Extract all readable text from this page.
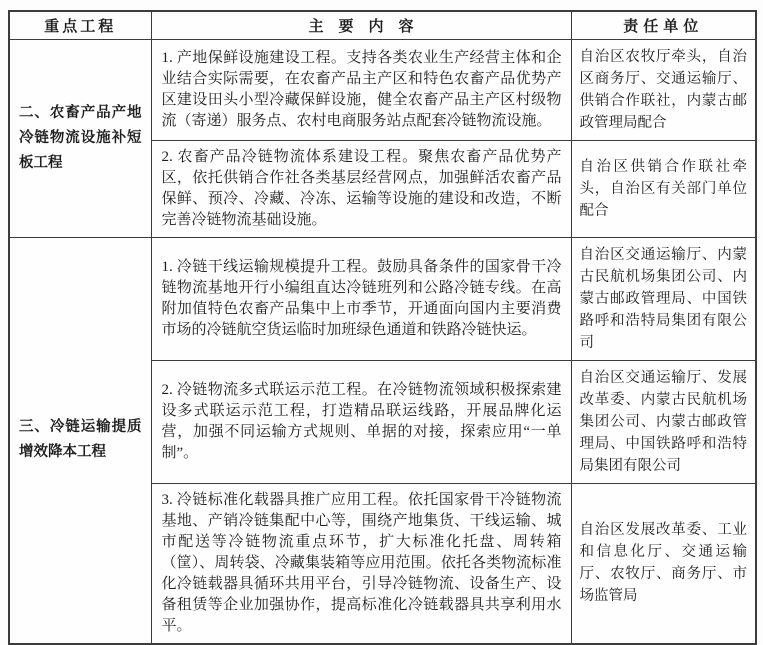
重点工程	主　要　内　容	责任单位
二、农畜产品产地冷链物流设施补短板工程	1. 产地保鲜设施建设工程。支持各类农业生产经营主体和企业结合实际需要，在农畜产品主产区和特色农畜产品优势产区建设田头小型冷藏保鲜设施，健全农畜产品主产区村级物流（寄递）服务点、农村电商服务站点配套冷链物流设施。	自治区农牧厅牵头，自治区商务厅、交通运输厅、供销合作联社，内蒙古邮政管理局配合
	2. 农畜产品冷链物流体系建设工程。聚焦农畜产品优势产区，依托供销合作社各类基层经营网点，加强鲜活农畜产品保鲜、预冷、冷藏、冷冻、运输等设施的建设和改造，不断完善冷链物流基础设施。	自治区供销合作联社牵头，自治区有关部门单位配合
三、冷链运输提质增效降本工程	1. 冷链干线运输规模提升工程。鼓励具备条件的国家骨干冷链物流基地开行小编组直达冷链班列和公路冷链专线。在高附加值特色农畜产品集中上市季节，开通面向国内主要消费市场的冷链航空货运临时加班绿色通道和铁路冷链快运。	自治区交通运输厅、内蒙古民航机场集团公司、内蒙古邮政管理局、中国铁路呼和浩特局集团有限公司
	2. 冷链物流多式联运示范工程。在冷链物流领域积极探索建设多式联运示范工程，打造精品联运线路，开展品牌化运营，加强不同运输方式规则、单据的对接，探索应用“一单制”。	自治区交通运输厅、发展改革委、内蒙古民航机场集团公司、内蒙古邮政管理局、中国铁路呼和浩特局集团有限公司
	3. 冷链标准化载器具推广应用工程。依托国家骨干冷链物流基地、产销冷链集配中心等，围绕产地集货、干线运输、城市配送等冷链物流重点环节，扩大标准化托盘、周转箱（筐）、周转袋、冷藏集装箱等应用范围。依托各类物流标准化冷链载器具循环共用平台，引导冷链物流、设备生产、设备租赁等企业加强协作，提高标准化冷链载器具共享利用水平。	自治区发展改革委、工业和信息化厅、交通运输厅、农牧厅、商务厅、市场监管局
